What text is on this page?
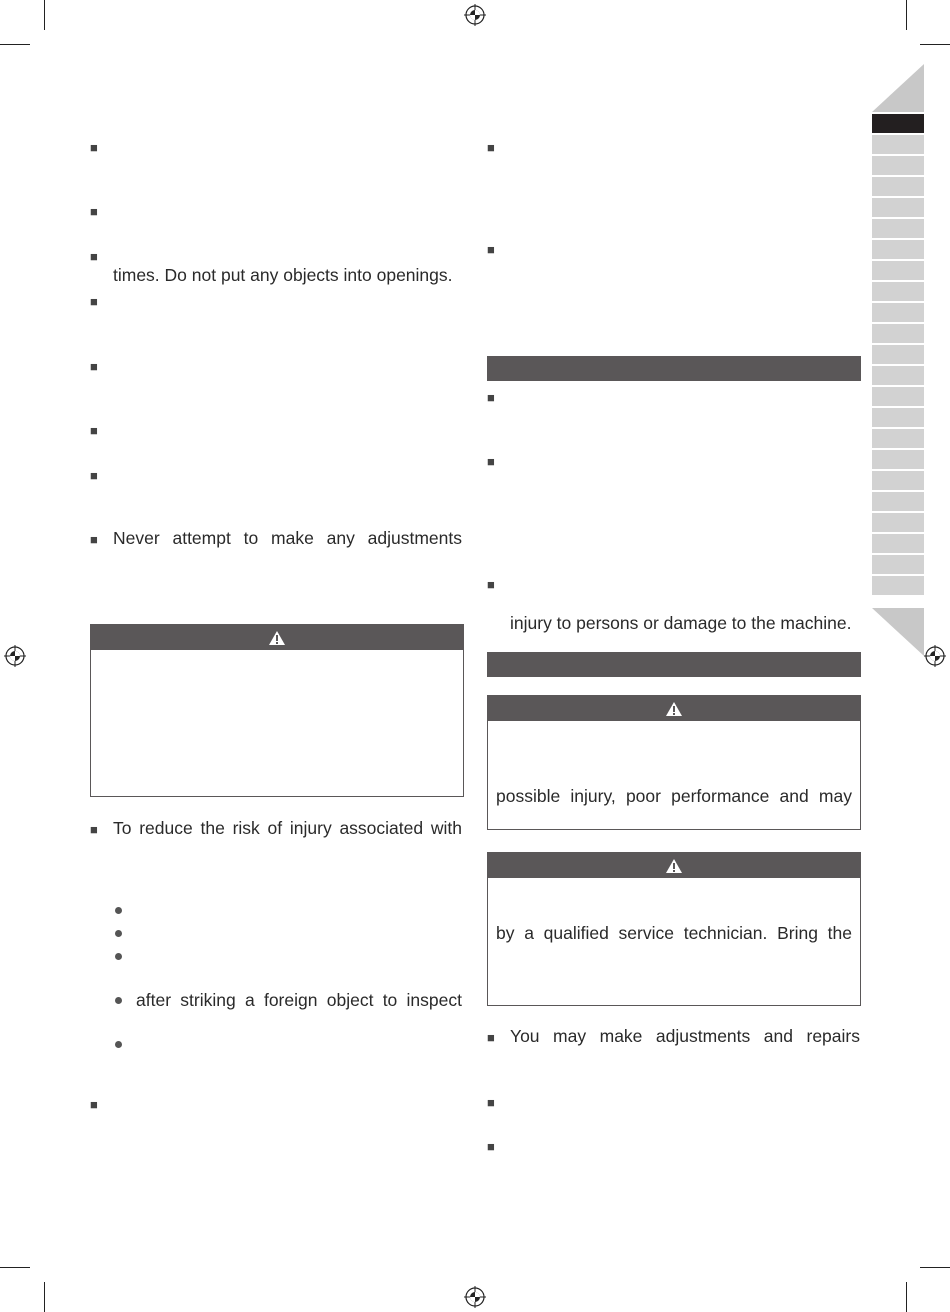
■
■
■
times. Do not put any objects into openings.
■
■
■
■
■ Never attempt to make any adjustments
■ To reduce the risk of injury associated with
after striking a foreign object to inspect
■
■
■
■
■
■
injury to persons or damage to the machine.
possible injury, poor performance and may
by a qualified service technician. Bring the
■ You may make adjustments and repairs
■
■
